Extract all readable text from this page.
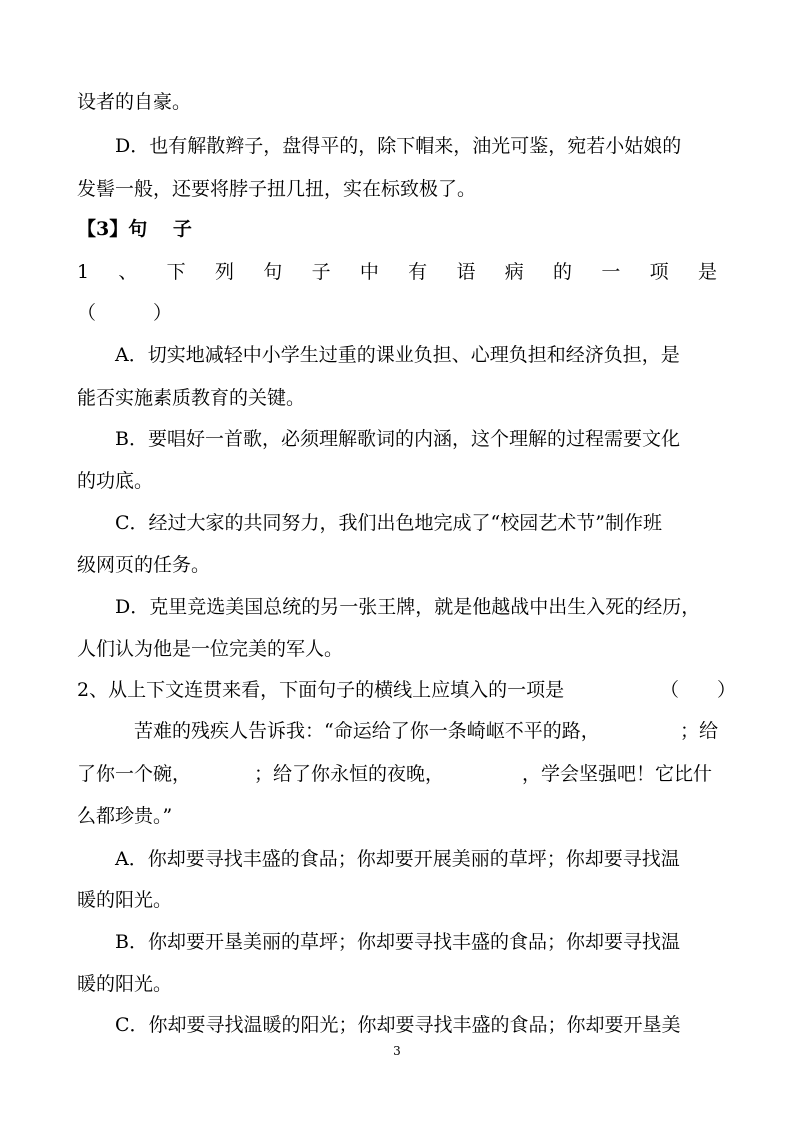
设者的自豪。
D．也有解散辫子，盘得平的，除下帽来，油光可鉴，宛若小姑娘的
发髻一般，还要将脖子扭几扭，实在标致极了。
【3】句　 子
1 、 下 列 句 子 中 有 语 病 的 一 项 是
（　　　）
A．切实地减轻中小学生过重的课业负担、心理负担和经济负担，是
能否实施素质教育的关键。
B．要唱好一首歌，必须理解歌词的内涵，这个理解的过程需要文化
的功底。
C．经过大家的共同努力，我们出色地完成了“校园艺术节”制作班
级网页的任务。
D．克里竞选美国总统的另一张王牌，就是他越战中出生入死的经历，
人们认为他是一位完美的军人。
2、从上下文连贯来看，下面句子的横线上应填入的一项是	（　　）
苦难的残疾人告诉我：“命运给了你一条崎岖不平的路，	；给
了你一个碗，	；给了你永恒的夜晚，	，学会坚强吧！它比什
么都珍贵。”
A．你却要寻找丰盛的食品；你却要开展美丽的草坪；你却要寻找温
暖的阳光。
B．你却要开垦美丽的草坪；你却要寻找丰盛的食品；你却要寻找温
暖的阳光。
C．你却要寻找温暖的阳光；你却要寻找丰盛的食品；你却要开垦美
3
